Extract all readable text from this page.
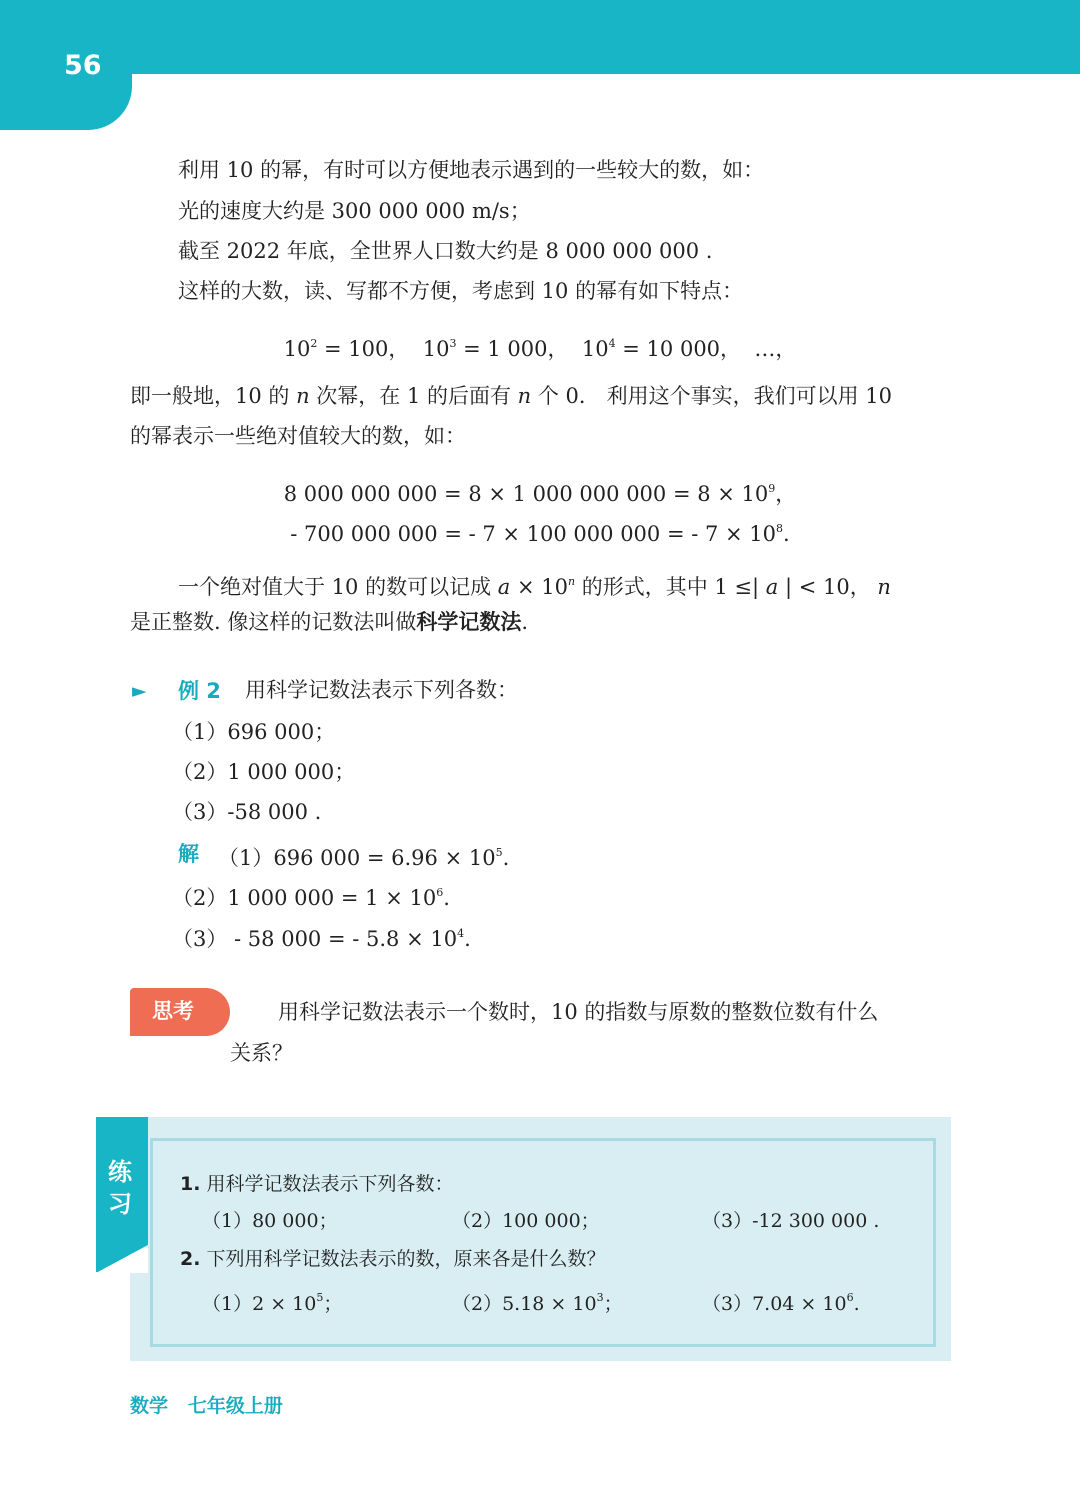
56
利用 10 的幂，有时可以方便地表示遇到的一些较大的数，如：
光的速度大约是 300 000 000 m/s；
截至 2022 年底，全世界人口数大约是 8 000 000 000 .
这样的大数，读、写都不方便，考虑到 10 的幂有如下特点：
$10^2 = 100$，  $10^3 = 1$ 000，  $10^4 = 10$ 000，  …，
即一般地，10 的 n 次幂，在 1 的后面有 n 个 0． 利用这个事实，我们可以用 10
的幂表示一些绝对值较大的数，如：
8 000 000 000 = 8 × 1 000 000 $000 = 8 \times 10^9$，
- 700 000 000 = - 7 × 100 000 000 = - $7 \times 10^8$.
一个绝对值大于 10 的数可以记成 $a \times 10^n$ 的形式，其中 1 ≤| a | < 10， n
是正整数. 像这样的记数法叫做科学记数法.
► 例 2 用科学记数法表示下列各数：
（1）696 000；
（2）1 000 000；
（3）-58 000 .
解 （1）696 $000 = 6.96 \times 10^5$.
（2）1 000 $000 = 1 \times 10^6$.
（3） - 58 000 = - $5.8 \times 10^4$.
思考	用科学记数法表示一个数时，10 的指数与原数的整数位数有什么
关系？
练
习
1. 用科学记数法表示下列各数：
（1）80 000；	（2）100 000；	（3）-12 300 000 .
2. 下列用科学记数法表示的数，原来各是什么数？
$(1)2 \times 10^5$；	$(2)5.18 \times 10^3$；	$(3)7.04 \times 10^6$.
数学   七年级上册
